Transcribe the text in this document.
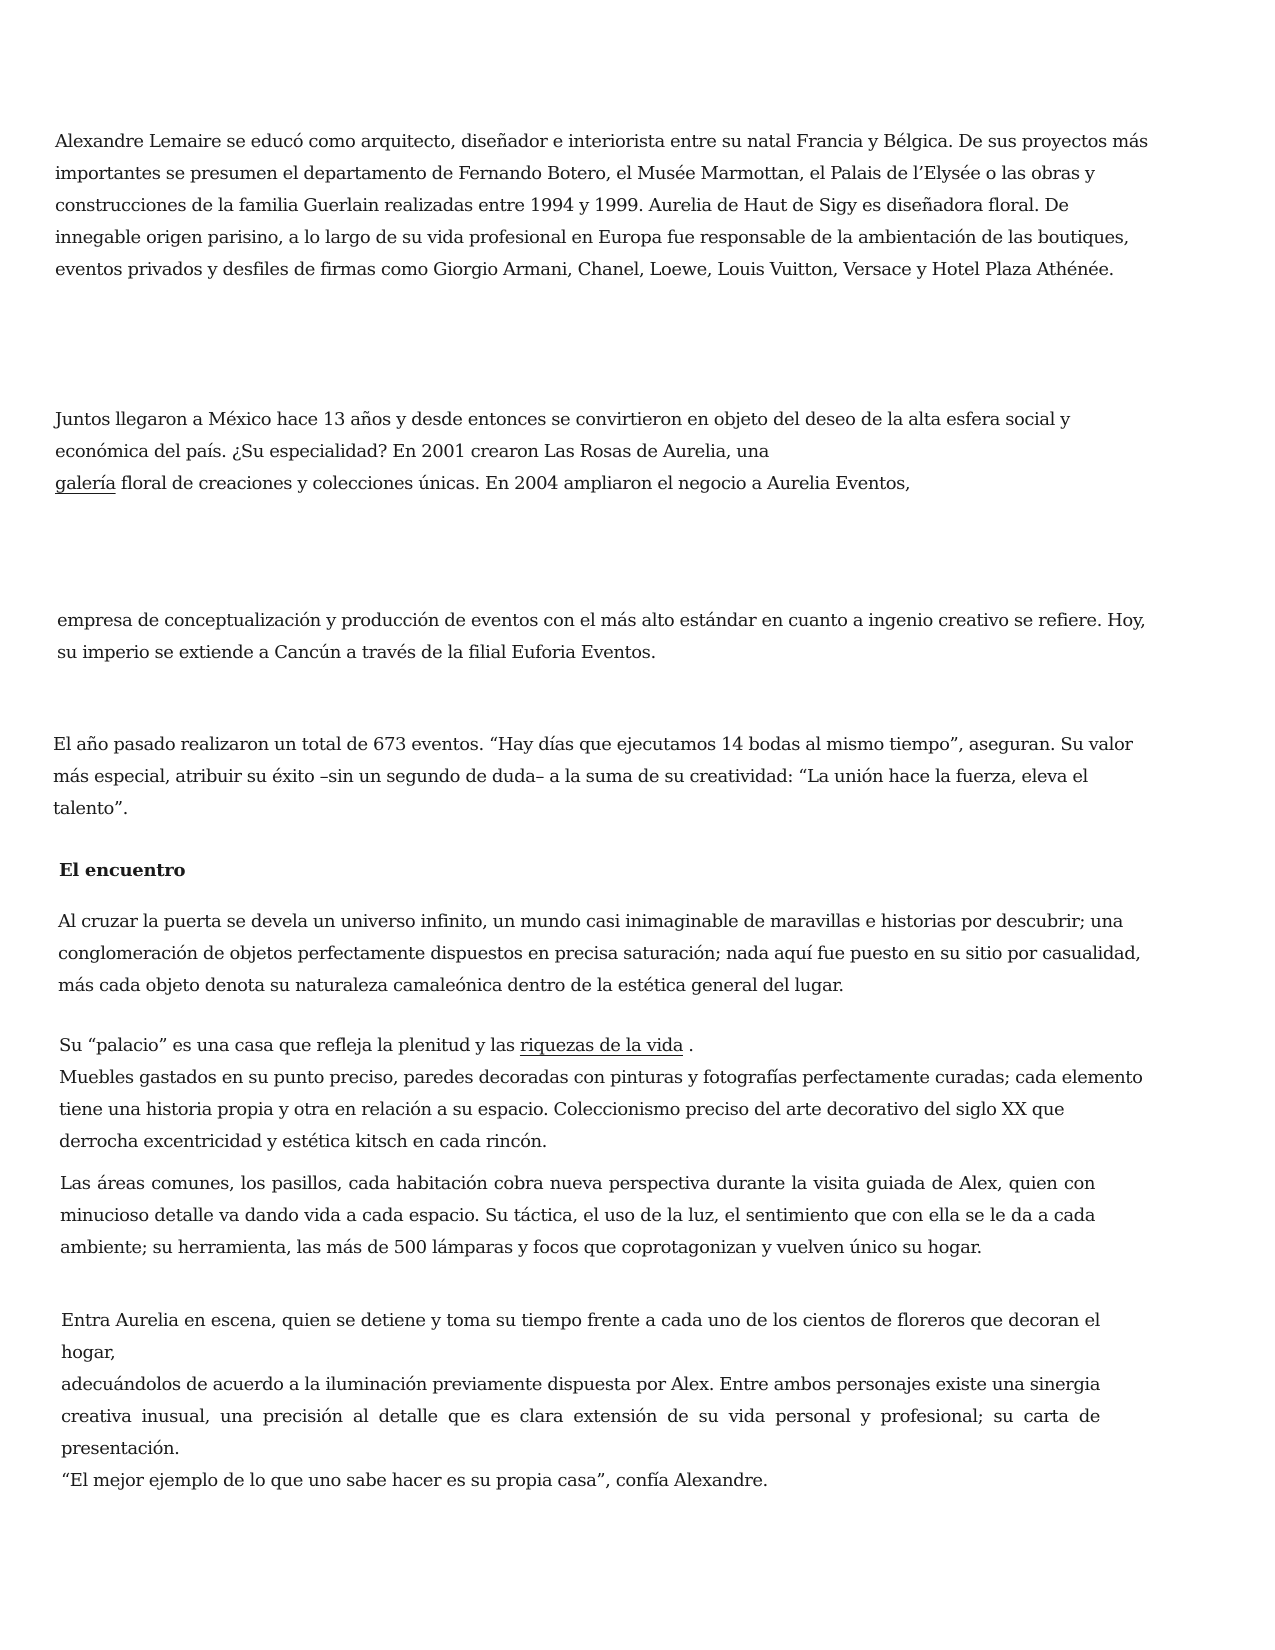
Alexandre Lemaire se educó como arquitecto, diseñador e interiorista entre su natal Francia y Bélgica. De sus proyectos más
importantes se presumen el departamento de Fernando Botero, el Musée Marmottan, el Palais de l’Elysée o las obras y
construcciones de la familia Guerlain realizadas entre 1994 y 1999. Aurelia de Haut de Sigy es diseñadora floral. De
innegable origen parisino, a lo largo de su vida profesional en Europa fue responsable de la ambientación de las boutiques,
eventos privados y desfiles de firmas como Giorgio Armani, Chanel, Loewe, Louis Vuitton, Versace y Hotel Plaza Athénée.
Juntos llegaron a México hace 13 años y desde entonces se convirtieron en objeto del deseo de la alta esfera social y
económica del país. ¿Su especialidad? En 2001 crearon Las Rosas de Aurelia, una
galería floral de creaciones y colecciones únicas. En 2004 ampliaron el negocio a Aurelia Eventos,
empresa de conceptualización y producción de eventos con el más alto estándar en cuanto a ingenio creativo se refiere. Hoy,
su imperio se extiende a Cancún a través de la filial Euforia Eventos.
El año pasado realizaron un total de 673 eventos. “Hay días que ejecutamos 14 bodas al mismo tiempo”, aseguran. Su valor
más especial, atribuir su éxito –sin un segundo de duda– a la suma de su creatividad: “La unión hace la fuerza, eleva el
talento”.
El encuentro
Al cruzar la puerta se devela un universo infinito, un mundo casi inimaginable de maravillas e historias por descubrir; una
conglomeración de objetos perfectamente dispuestos en precisa saturación; nada aquí fue puesto en su sitio por casualidad,
más cada objeto denota su naturaleza camaleónica dentro de la estética general del lugar.
Su “palacio” es una casa que refleja la plenitud y las riquezas de la vida .
Muebles gastados en su punto preciso, paredes decoradas con pinturas y fotografías perfectamente curadas; cada elemento
tiene una historia propia y otra en relación a su espacio. Coleccionismo preciso del arte decorativo del siglo XX que
derrocha excentricidad y estética kitsch en cada rincón.
Las áreas comunes, los pasillos, cada habitación cobra nueva perspectiva durante la visita guiada de Alex, quien con
minucioso detalle va dando vida a cada espacio. Su táctica, el uso de la luz, el sentimiento que con ella se le da a cada
ambiente; su herramienta, las más de 500 lámparas y focos que coprotagonizan y vuelven único su hogar.
Entra Aurelia en escena, quien se detiene y toma su tiempo frente a cada uno de los cientos de floreros que decoran el hogar,
adecuándolos de acuerdo a la iluminación previamente dispuesta por Alex. Entre ambos personajes existe una sinergia
creativa inusual, una precisión al detalle que es clara extensión de su vida personal y profesional; su carta de presentación.
“El mejor ejemplo de lo que uno sabe hacer es su propia casa”, confía Alexandre.
